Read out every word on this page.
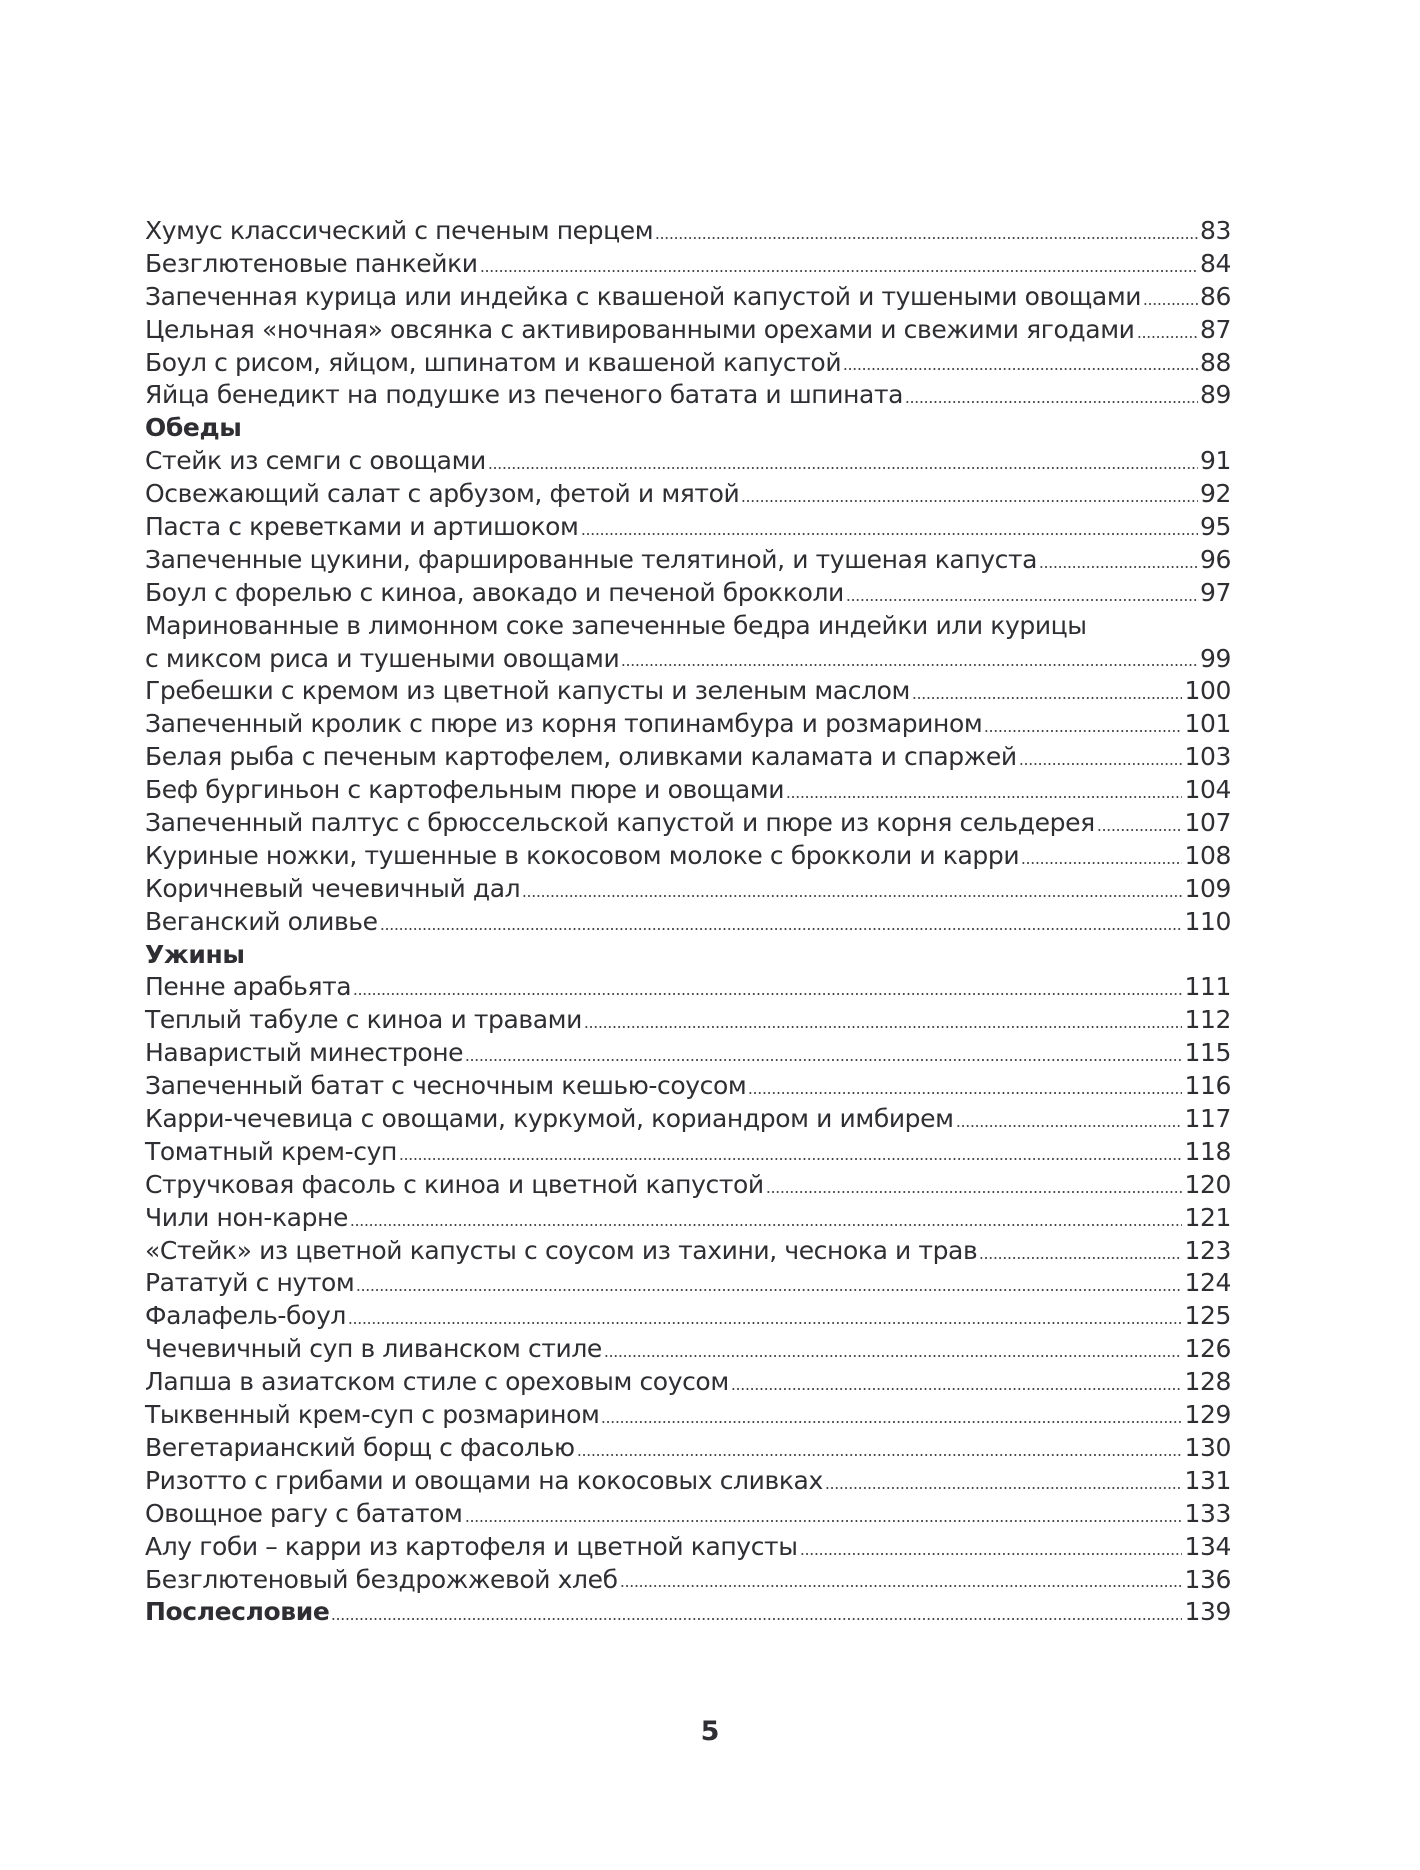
Хумус классический с печеным перцем	83
Безглютеновые панкейки	84
Запеченная курица или индейка с квашеной капустой и тушеными овощами 86
Цельная «ночная» овсянка с активированными орехами и свежими ягодами	87
Боул с рисом, яйцом, шпинатом и квашеной капустой	88
Яйца бенедикт на подушке из печеного батата и шпината	89
Обеды
Стейк из семги с овощами	91
Освежающий салат с арбузом, фетой и мятой	92
Паста с креветками и артишоком	95
Запеченные цукини, фаршированные телятиной, и тушеная капуста	96
Боул с форелью с киноа, авокадо и печеной брокколи	97
Маринованные в лимонном соке запеченные бедра индейки или курицы
с миксом риса и тушеными овощами	99
Гребешки с кремом из цветной капусты и зеленым маслом	100
Запеченный кролик с пюре из корня топинамбура и розмарином	101
Белая рыба с печеным картофелем, оливками каламата и спаржей	103
Беф бургиньон с картофельным пюре и овощами	104
Запеченный палтус с брюссельской капустой и пюре из корня сельдерея	107
Куриные ножки, тушенные в кокосовом молоке с брокколи и карри	108
Коричневый чечевичный дал	109
Веганский оливье	110
Ужины
Пенне арабьята	111
Теплый табуле с киноа и травами	112
Наваристый минестроне	115
Запеченный батат с чесночным кешью-соусом	116
Карри-чечевица с овощами, куркумой, кориандром и имбирем	117
Томатный крем-суп	118
Стручковая фасоль с киноа и цветной капустой	120
Чили нон-карне	121
«Стейк» из цветной капусты с соусом из тахини, чеснока и трав	123
Рататуй с нутом	124
Фалафель-боул	125
Чечевичный суп в ливанском стиле	126
Лапша в азиатском стиле с ореховым соусом	128
Тыквенный крем-суп с розмарином	129
Вегетарианский борщ с фасолью	130
Ризотто с грибами и овощами на кокосовых сливках	131
Овощное рагу с бататом	133
Алу гоби – карри из картофеля и цветной капусты	134
Безглютеновый бездрожжевой хлеб	136
Послесловие	139
5
